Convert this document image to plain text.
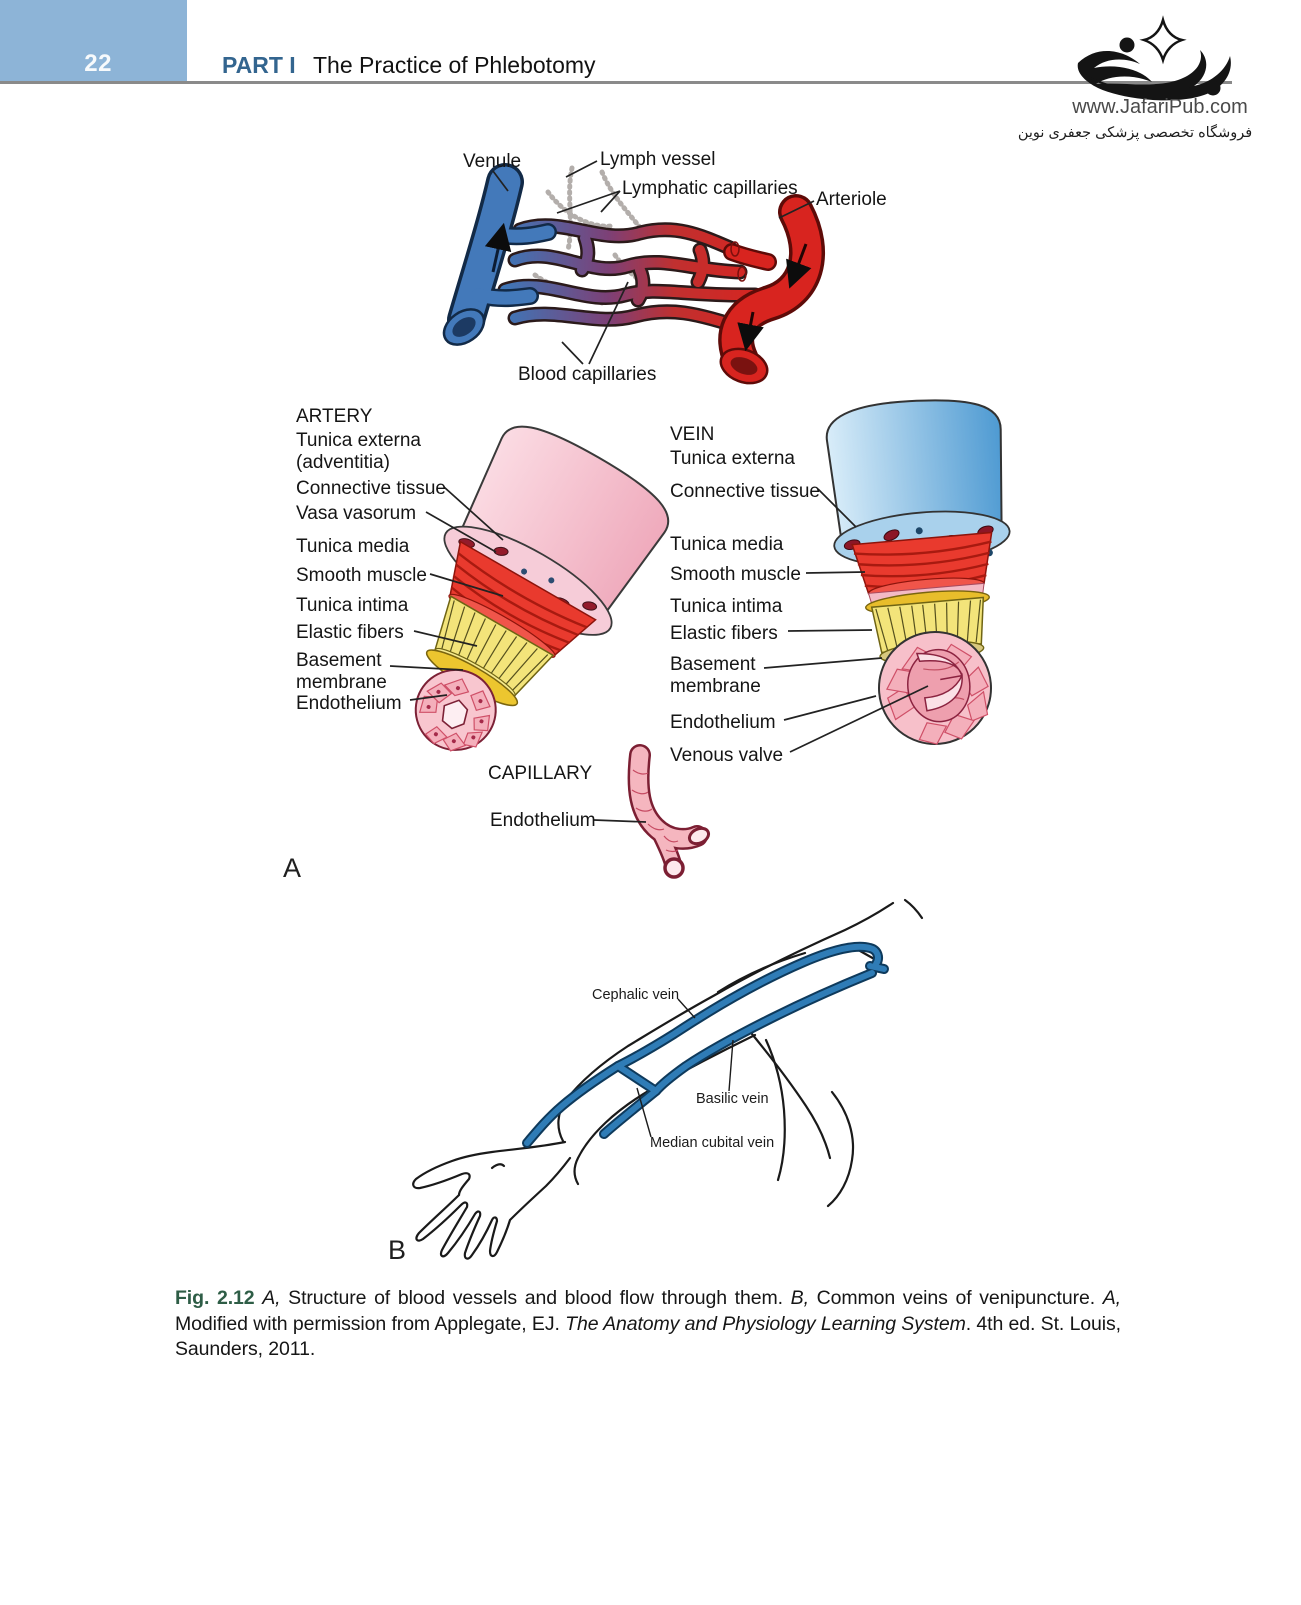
22	PART I The Practice of Phlebotomy
www.JafariPub.com
فروشگاه تخصصی پزشکی جعفری نوین
Venule	Lymph vessel
Lymphatic capillaries
Arteriole
Blood capillaries
ARTERY
Tunica externa
(adventitia)
Connective tissue
Vasa vasorum
Tunica media
Smooth muscle
Tunica intima
Elastic fibers
Basement
membrane
Endothelium
VEIN
Tunica externa
Connective tissue
Tunica media
Smooth muscle
Tunica intima
Elastic fibers
Basement
membrane
Endothelium
Venous valve
CAPILLARY
Endothelium
A
B
Cephalic vein
Basilic vein
Median cubital vein
Fig. 2.12 A, Structure of blood vessels and blood flow through them. B, Common veins of venipuncture. A, Modified with permission from Applegate, EJ. The Anatomy and Physiology Learning System. 4th ed. St. Louis, Saunders, 2011.
